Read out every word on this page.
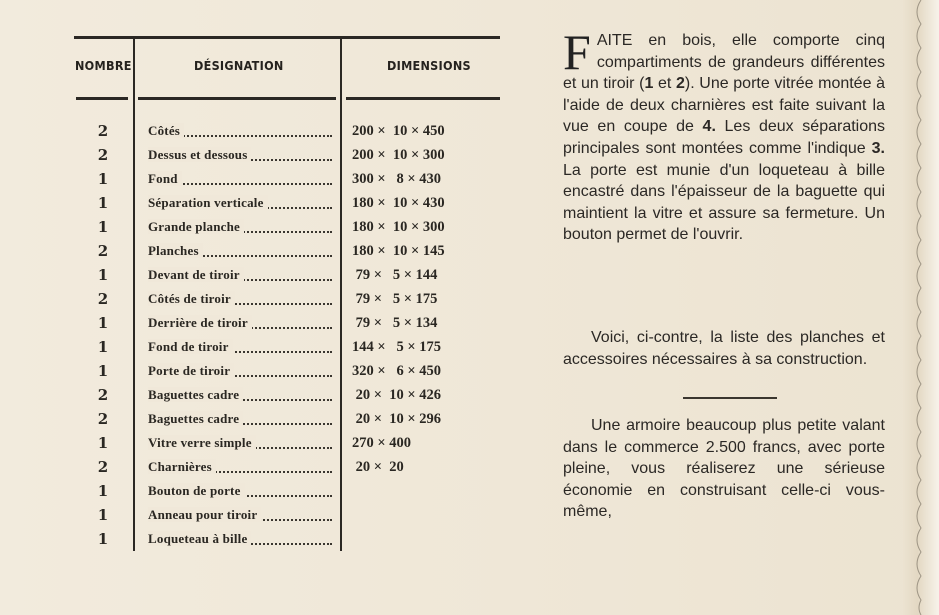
NOMBRE	DÉSIGNATION	DIMENSIONS
2	Côtés	200 ×  10 × 450
2	Dessus et dessous	200 ×  10 × 300
1	Fond	300 ×   8 × 430
1	Séparation verticale	180 ×  10 × 430
1	Grande planche	180 ×  10 × 300
2	Planches	180 ×  10 × 145
1	Devant de tiroir	79 ×   5 × 144
2	Côtés de tiroir	79 ×   5 × 175
1	Derrière de tiroir	79 ×   5 × 134
1	Fond de tiroir	144 ×   5 × 175
1	Porte de tiroir	320 ×   6 × 450
2	Baguettes cadre	20 ×  10 × 426
2	Baguettes cadre	20 ×  10 × 296
1	Vitre verre simple	270 × 400
2	Charnières	20 ×  20
1	Bouton de porte
1	Anneau pour tiroir
1	Loqueteau à bille
FAITE en bois, elle comporte cinq compartiments de grandeurs différentes et un tiroir (1 et 2). Une porte vitrée montée à l'aide de deux charnières est faite suivant la vue en coupe de 4. Les deux séparations principales sont montées comme l'indique 3. La porte est munie d'un loqueteau à bille encastré dans l'épaisseur de la baguette qui maintient la vitre et assure sa fermeture. Un bouton permet de l'ouvrir.
Voici, ci-contre, la liste des planches et accessoires nécessaires à sa construction.
Une armoire beaucoup plus petite valant dans le commerce 2.500 francs, avec porte pleine, vous réaliserez une sérieuse économie en construisant celle-ci vous-même,
